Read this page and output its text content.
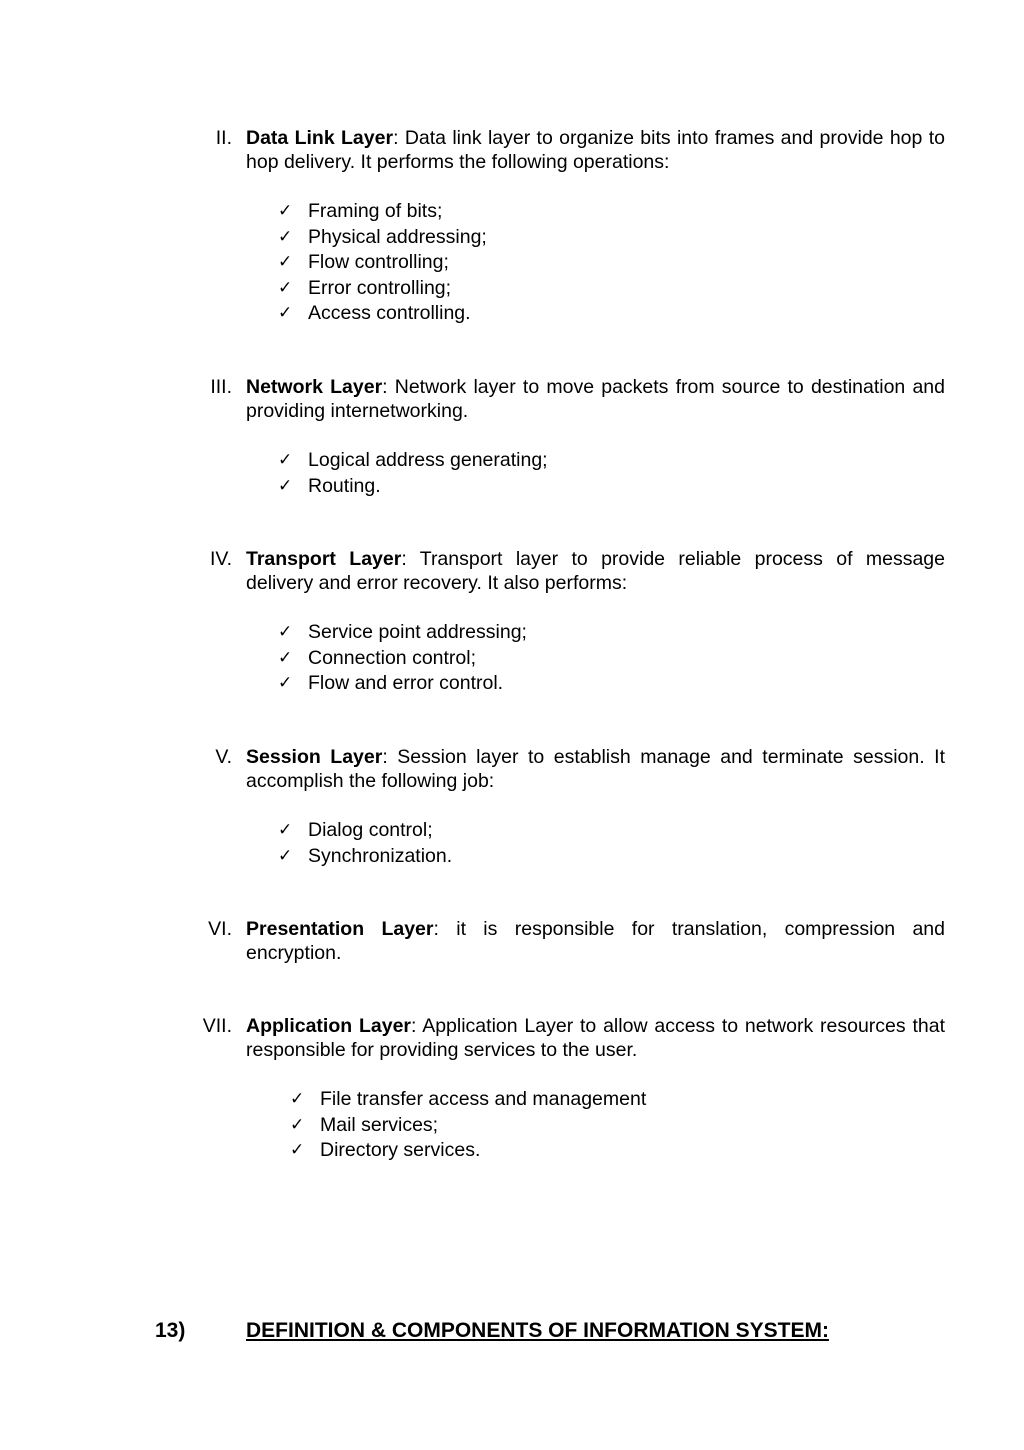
II. Data Link Layer: Data link layer to organize bits into frames and provide hop to hop delivery. It performs the following operations:
✓ Framing of bits;
✓ Physical addressing;
✓ Flow controlling;
✓ Error controlling;
✓ Access controlling.
III. Network Layer: Network layer to move packets from source to destination and providing internetworking.
✓ Logical address generating;
✓ Routing.
IV. Transport Layer: Transport layer to provide reliable process of message delivery and error recovery. It also performs:
✓ Service point addressing;
✓ Connection control;
✓ Flow and error control.
V. Session Layer: Session layer to establish manage and terminate session. It accomplish the following job:
✓ Dialog control;
✓ Synchronization.
VI. Presentation Layer: it is responsible for translation, compression and encryption.
VII. Application Layer: Application Layer to allow access to network resources that responsible for providing services to the user.
✓ File transfer access and management
✓ Mail services;
✓ Directory services.
13)	DEFINITION & COMPONENTS OF INFORMATION SYSTEM:
